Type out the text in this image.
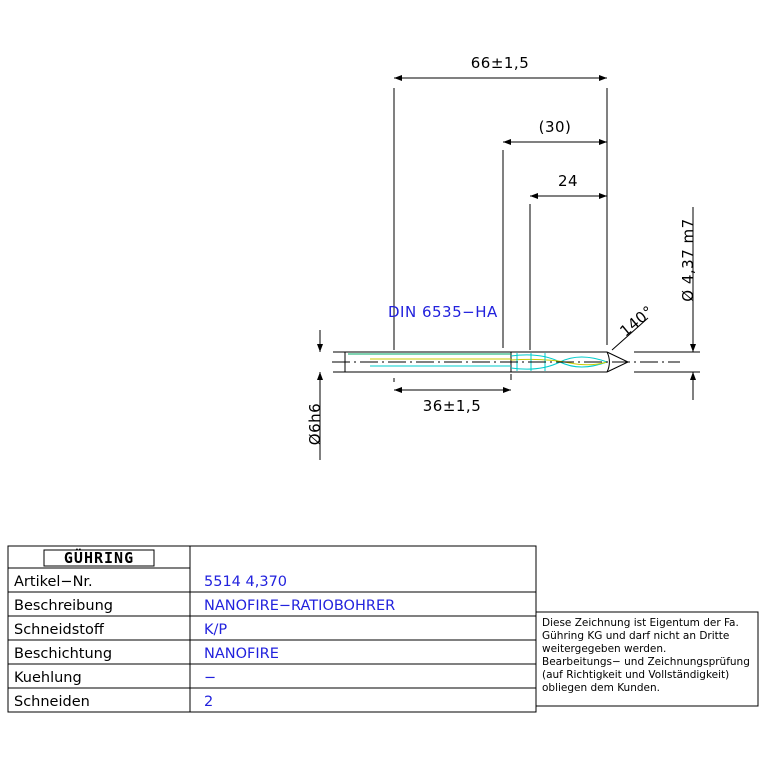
66±1,5
(30)
24
36±1,5
Ø 4,37 m7
Ø6h6
140°
DIN 6535−HA
GÜHRING
Artikel−Nr.	5514 4,370
Beschreibung	NANOFIRE−RATIOBOHRER
Schneidstoff	K/P
Beschichtung	NANOFIRE
Kuehlung	−
Schneiden	2
Diese Zeichnung ist Eigentum der Fa.
Gühring KG und darf nicht an Dritte
weitergegeben werden.
Bearbeitungs− und Zeichnungsprüfung
(auf Richtigkeit und Vollständigkeit)
obliegen dem Kunden.
